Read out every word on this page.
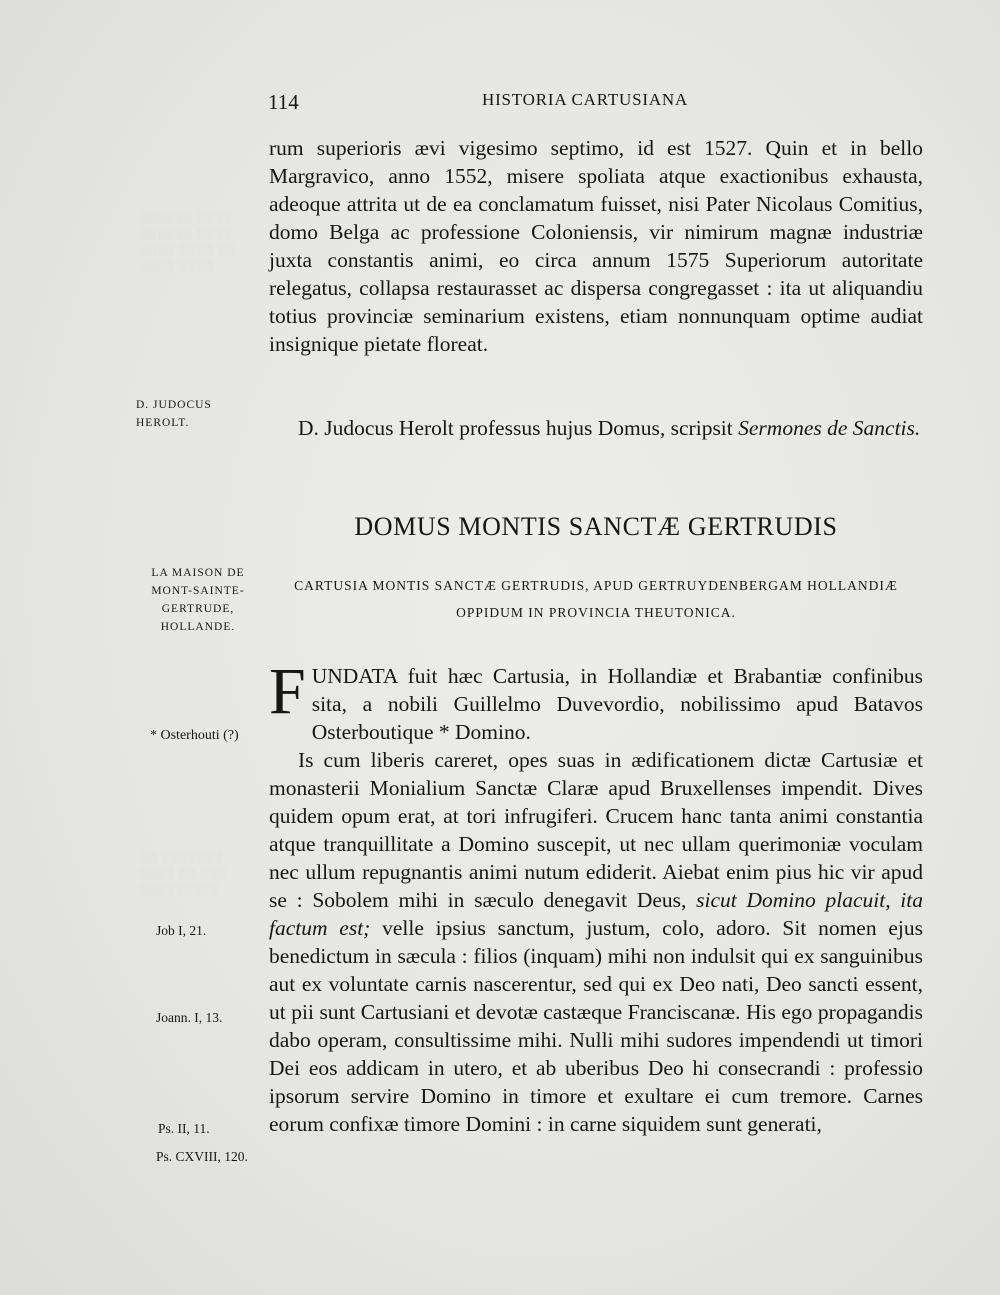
░░░░░░ ░░░░
░░░░░░ ░░░░
░░░░ ░░░░ ░░
░░░░ ░░░░
░░ ░░░░░░░
░░░░ ░░ ░░░
░░░░░░░░░
114	HISTORIA CARTUSIANA
rum superioris ævi vigesimo septimo, id est 1527. Quin et in bello Margravico, anno 1552, misere spoliata atque exactionibus exhausta, adeoque attrita ut de ea conclamatum fuisset, nisi Pater Nicolaus Comitius, domo Belga ac professione Coloniensis, vir nimirum magnæ industriæ juxta constantis animi, eo circa annum 1575 Superiorum autoritate relegatus, collapsa restaurasset ac dispersa congregasset : ita ut aliquandiu totius provinciæ seminarium existens, etiam nonnunquam optime audiat insignique pietate floreat.
D. Judocus Herolt professus hujus Domus, scripsit Sermones de Sanctis.
DOMUS MONTIS SANCTÆ GERTRUDIS
CARTUSIA MONTIS SANCTÆ GERTRUDIS, APUD GERTRUYDENBERGAM HOLLANDIÆ OPPIDUM IN PROVINCIA THEUTONICA.
FUNDATA fuit hæc Cartusia, in Hollandiæ et Brabantiæ confinibus sita, a nobili Guillelmo Duvevordio, nobilissimo apud Batavos Osterboutique * Domino.
Is cum liberis careret, opes suas in ædificationem dictæ Cartusiæ et monasterii Monialium Sanctæ Claræ apud Bruxellenses impendit. Dives quidem opum erat, at tori infrugiferi. Crucem hanc tanta animi constantia atque tranquillitate a Domino suscepit, ut nec ullam querimoniæ voculam nec ullum repugnantis animi nutum ediderit. Aiebat enim pius hic vir apud se : Sobolem mihi in sæculo denegavit Deus, sicut Domino placuit, ita factum est; velle ipsius sanctum, justum, colo, adoro. Sit nomen ejus benedictum in sæcula : filios (inquam) mihi non indulsit qui ex sanguinibus aut ex voluntate carnis nascerentur, sed qui ex Deo nati, Deo sancti essent, ut pii sunt Cartusiani et devotæ castæque Franciscanæ. His ego propagandis dabo operam, consultissime mihi. Nulli mihi sudores impendendi ut timori Dei eos addicam in utero, et ab uberibus Deo hi consecrandi : professio ipsorum servire Domino in timore et exultare ei cum tremore. Carnes eorum confixæ timore Domini : in carne siquidem sunt generati,
D. JUDOCUS HEROLT.
LA MAISON DE MONT-SAINTE-GERTRUDE, HOLLANDE.
* Osterhouti (?)
Job I, 21.
Joann. I, 13.
Ps. II, 11.
Ps. CXVIII, 120.
